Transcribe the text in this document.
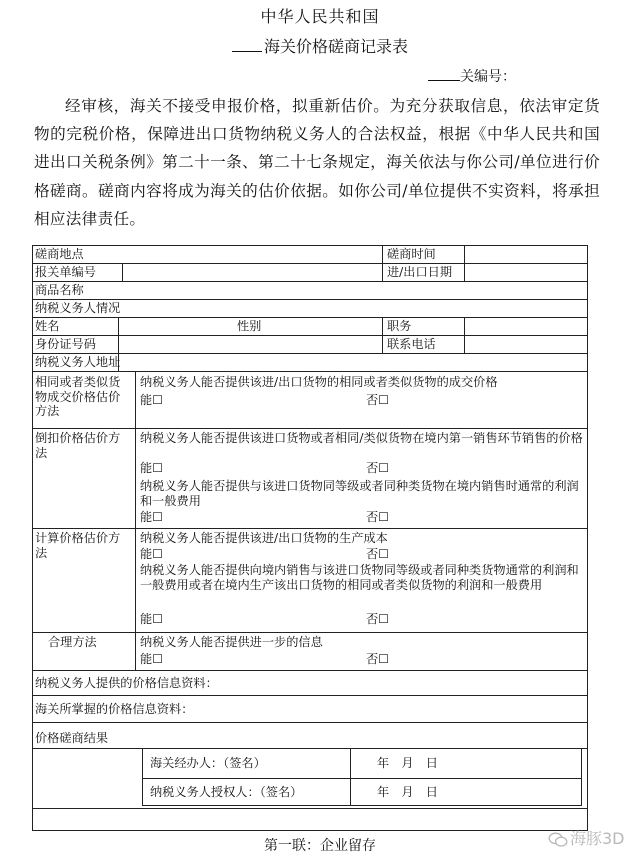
中华人民共和国
海关价格磋商记录表
关编号：
经审核，海关不接受申报价格，拟重新估价。为充分获取信息，依法审定货物的完税价格，保障进出口货物纳税义务人的合法权益，根据《中华人民共和国进出口关税条例》第二十一条、第二十七条规定，海关依法与你公司/单位进行价格磋商。磋商内容将成为海关的估价依据。如你公司/单位提供不实资料，将承担相应法律责任。
磋商地点	磋商时间
报关单编号	进/出口日期
商品名称
纳税义务人情况
姓名	性别	职务
身份证号码	联系电话
纳税义务人地址
相同或者类似货物成交价格估价方法
纳税义务人能否提供该进/出口货物的相同或者类似货物的成交价格
能☐	否☐
倒扣价格估价方法
纳税义务人能否提供该进口货物或者相同/类似货物在境内第一销售环节销售的价格
能☐	否☐
纳税义务人能否提供与该进口货物同等级或者同种类货物在境内销售时通常的利润和一般费用
能☐	否☐
计算价格估价方法
纳税义务人能否提供该进/出口货物的生产成本
能☐	否☐
纳税义务人能否提供向境内销售与该进口货物同等级或者同种类货物通常的利润和一般费用或者在境内生产该出口货物的相同或者类似货物的利润和一般费用
能☐	否☐
合理方法	纳税义务人能否提供进一步的信息
能☐	否☐
纳税义务人提供的价格信息资料：
海关所掌握的价格信息资料：
价格磋商结果
海关经办人：（签名）	年　月　日
纳税义务人授权人：（签名）	年　月　日
第一联：企业留存	海豚3D
